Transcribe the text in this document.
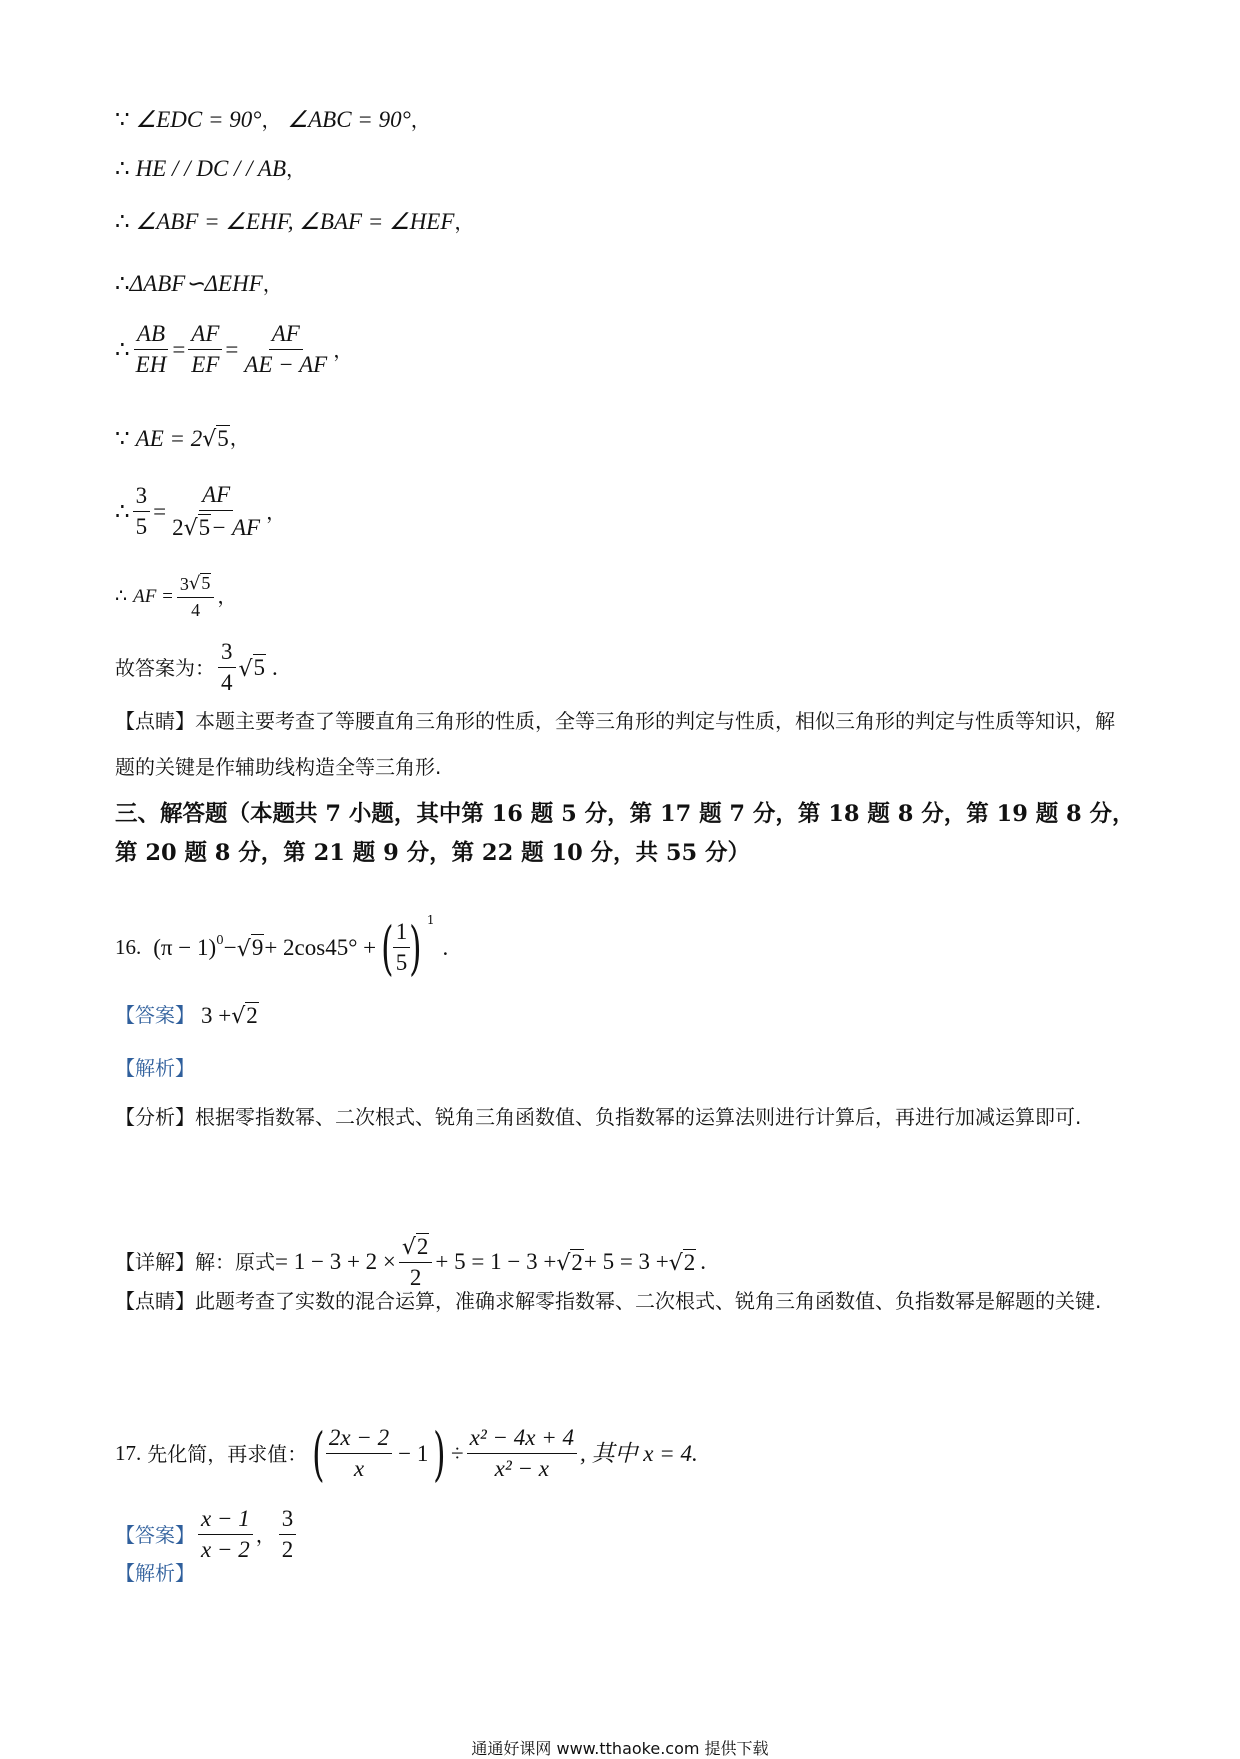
∵ ∠EDC = 90° ， ∠ABC = 90° ，
∴ HE / / DC / / AB ，
∴ ∠ABF = ∠EHF, ∠BAF = ∠HEF ，
∴ ΔABF∽ΔEHF ，
∴ $\frac{AB}{EH} = \frac{AF}{EF} = \frac{AF}{AE - AF}$ ，
∵ AE = 2 √ 5 ，
∴ $\frac{3}{5} = \frac{AF}{2 √ 5 - AF}$ ，
∴ AF = $\frac{3 √ 5}{4}$ ，
故答案为： $\frac{3}{4}$ √ 5 .
【点睛】本题主要考查了等腰直角三角形的性质，全等三角形的判定与性质，相似三角形的判定与性质等知识，解题的关键是作辅助线构造全等三角形.
三、解答题（本题共 7 小题，其中第 16 题 5 分，第 17 题 7 分，第 18 题 8 分，第 19 题 8 分，第 20 题 8 分，第 21 题 9 分，第 22 题 10 分，共 55 分）
16. (π − 1) 0 − √ 9 + 2cos45° + ( $\frac{1}{5}$ ) 1
.
【答案】 3 + √ 2
【解析】
【分析】根据零指数幂、二次根式、锐角三角函数值、负指数幂的运算法则进行计算后，再进行加减运算即可.
【详解】 解：原式 = $1 - 3 + 2 \times \frac{√ 2}{2} + 5 = 1 - 3$ + √ 2 + 5 = 3 + √ 2 .
【点睛】此题考查了实数的混合运算，准确求解零指数幂、二次根式、锐角三角函数值、负指数幂是解题的关键.
17. 先化简，再求值： ( $\frac{2x - 2}{x} - 1$ ) ÷ $\frac{\text{x² − 4x + 4}}{\text{x² − x}}$ , 其中 x = 4.
【答案】 $\frac{x - 1}{x - 2}$ ， $\frac{3}{2}$
【解析】
通通好课网 www.tthaoke.com 提供下载
